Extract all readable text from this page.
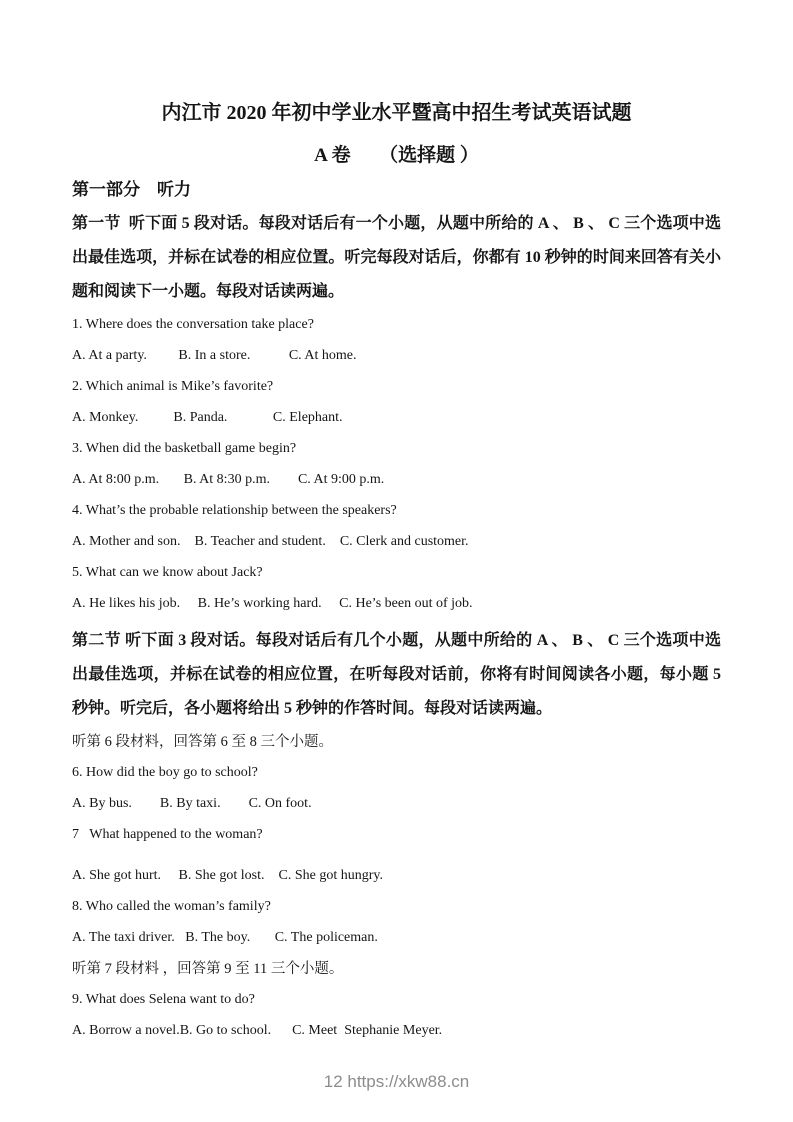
内江市 2020 年初中学业水平暨高中招生考试英语试题
A 卷　　（选择题 ）
第一部分　听力

第一节  听下面 5 段对话。每段对话后有一个小题，从题中所给的 A 、 B 、 C 三个选项中选出最佳选项，并标在试卷的相应位置。听完每段对话后，你都有 10 秒钟的时间来回答有关小题和阅读下一小题。每段对话读两遍。

1. Where does the conversation take place?
A. At a party.         B. In a store.           C. At home.
2. Which animal is Mike’s favorite?
A. Monkey.          B. Panda.             C. Elephant.
3. When did the basketball game begin?
A. At 8:00 p.m.       B. At 8:30 p.m.        C. At 9:00 p.m.
4. What’s the probable relationship between the speakers?
A. Mother and son.    B. Teacher and student.    C. Clerk and customer.
5. What can we know about Jack?
A. He likes his job.     B. He’s working hard.     C. He’s been out of job.

第二节 听下面 3 段对话。每段对话后有几个小题，从题中所给的 A 、 B 、 C 三个选项中选出最佳选项，并标在试卷的相应位置，在听每段对话前，你将有时间阅读各小题，每小题 5 秒钟。听完后，各小题将给出 5 秒钟的作答时间。每段对话读两遍。

听第 6 段材料，回答第 6 至 8 三个小题。
6. How did the boy go to school?
A. By bus.        B. By taxi.        C. On foot.
7   What happened to the woman?
A. She got hurt.     B. She got lost.    C. She got hungry.
8. Who called the woman’s family?
A. The taxi driver.   B. The boy.       C. The policeman.
听第 7 段材料 ，回答第 9 至 11 三个小题。
9. What does Selena want to do?
A. Borrow a novel.B. Go to school.      C. Meet  Stephanie Meyer.
12 https://xkw88.cn
